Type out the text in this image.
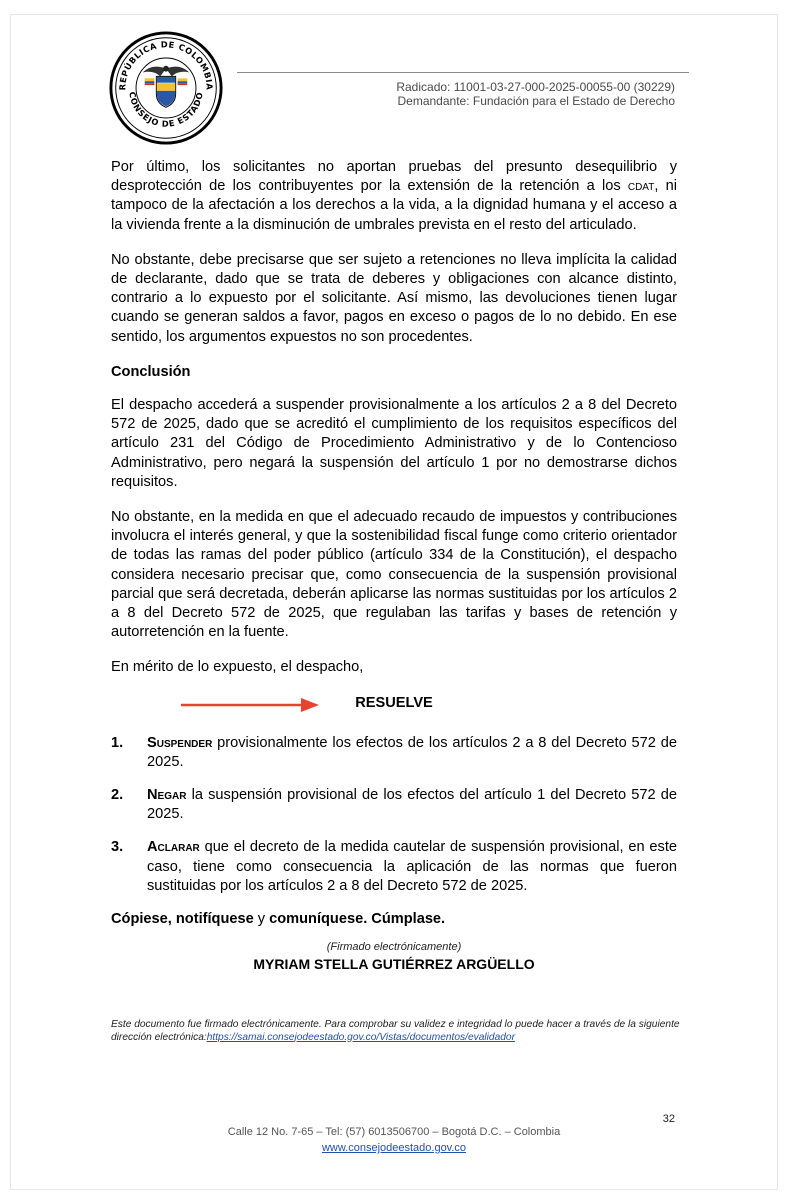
REPÚBLICA DE COLOMBIA
CONSEJO DE ESTADO
Radicado: 11001-03-27-000-2025-00055-00 (30229)
Demandante: Fundación para el Estado de Derecho

Por último, los solicitantes no aportan pruebas del presunto desequilibrio y desprotección de los contribuyentes por la extensión de la retención a los cdat, ni tampoco de la afectación a los derechos a la vida, a la dignidad humana y el acceso a la vivienda frente a la disminución de umbrales prevista en el resto del articulado.

No obstante, debe precisarse que ser sujeto a retenciones no lleva implícita la calidad de declarante, dado que se trata de deberes y obligaciones con alcance distinto, contrario a lo expuesto por el solicitante. Así mismo, las devoluciones tienen lugar cuando se generan saldos a favor, pagos en exceso o pagos de lo no debido. En ese sentido, los argumentos expuestos no son procedentes.

Conclusión

El despacho accederá a suspender provisionalmente a los artículos 2 a 8 del Decreto 572 de 2025, dado que se acreditó el cumplimiento de los requisitos específicos del artículo 231 del Código de Procedimiento Administrativo y de lo Contencioso Administrativo, pero negará la suspensión del artículo 1 por no demostrarse dichos requisitos.

No obstante, en la medida en que el adecuado recaudo de impuestos y contribuciones involucra el interés general, y que la sostenibilidad fiscal funge como criterio orientador de todas las ramas del poder público (artículo 334 de la Constitución), el despacho considera necesario precisar que, como consecuencia de la suspensión provisional parcial que será decretada, deberán aplicarse las normas sustituidas por los artículos 2 a 8 del Decreto 572 de 2025, que regulaban las tarifas y bases de retención y autorretención en la fuente.

En mérito de lo expuesto, el despacho,

RESUELVE
1.	Suspender provisionalmente los efectos de los artículos 2 a 8 del Decreto 572 de 2025.
2.	Negar la suspensión provisional de los efectos del artículo 1 del Decreto 572 de 2025.
3.	Aclarar que el decreto de la medida cautelar de suspensión provisional, en este caso, tiene como consecuencia la aplicación de las normas que fueron sustituidas por los artículos 2 a 8 del Decreto 572 de 2025.

Cópiese, notifíquese y comuníquese. Cúmplase.

(Firmado electrónicamente)
MYRIAM STELLA GUTIÉRREZ ARGÜELLO
Este documento fue firmado electrónicamente. Para comprobar su validez e integridad lo puede hacer a través de la siguiente dirección electrónica:https://samai.consejodeestado.gov.co/Vistas/documentos/evalidador
32
Calle 12 No. 7-65 – Tel: (57) 6013506700 – Bogotá D.C. – Colombia
www.consejodeestado.gov.co
